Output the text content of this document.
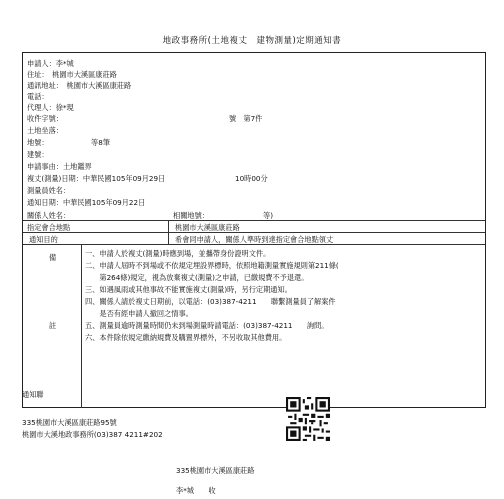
地政事務所(土地複丈　建物測量)定期通知書
申請人：李*城
住址：　桃園市大溪區康莊路
通訊地址：　桃園市大溪區康莊路
電話：
代理人：徐*現
收件字號：	號　第7件
土地坐落：
地號：	等8筆
建號：
申請事由：土地鑑界
複丈(測量)日期：中華民國105年09月29日	10時00分
測量員姓名：
通知日期：中華民國105年09月22日
關係人姓名：	相關地號：	等)
指定會合地點	桃園市大溪區康莊路
通知目的	希會同申請人，關係人準時到達指定會合地點領丈
備
註
一、申請人於複丈(測量)時應到場，並攜帶身份證明文件。
二、申請人屆時不到場或不依規定埋設界標時，依照地籍測量實施規則第211條(
　　第264條)規定，視為放棄複丈(測量)之申請，已繳規費不予退還。
三、如遇風雨或其他事故不能實施複丈(測量)時，另行定期通知。
四、關係人請於複丈日期前，以電話：(03)387-4211　　聯繫測量員了解案件
　　是否有經申請人撤回之情事。
五、測量員逾時測量時間仍未到場測量時請電話：(03)387-4211　　詢問。
六、本件除依規定繳納規費及購置界標外，不另收取其他費用。
通知聯
335桃園市大溪區康莊路95號
桃園市大溪地政事務所(03)387 4211#202
335桃園市大溪區康莊路
李*城　　收
